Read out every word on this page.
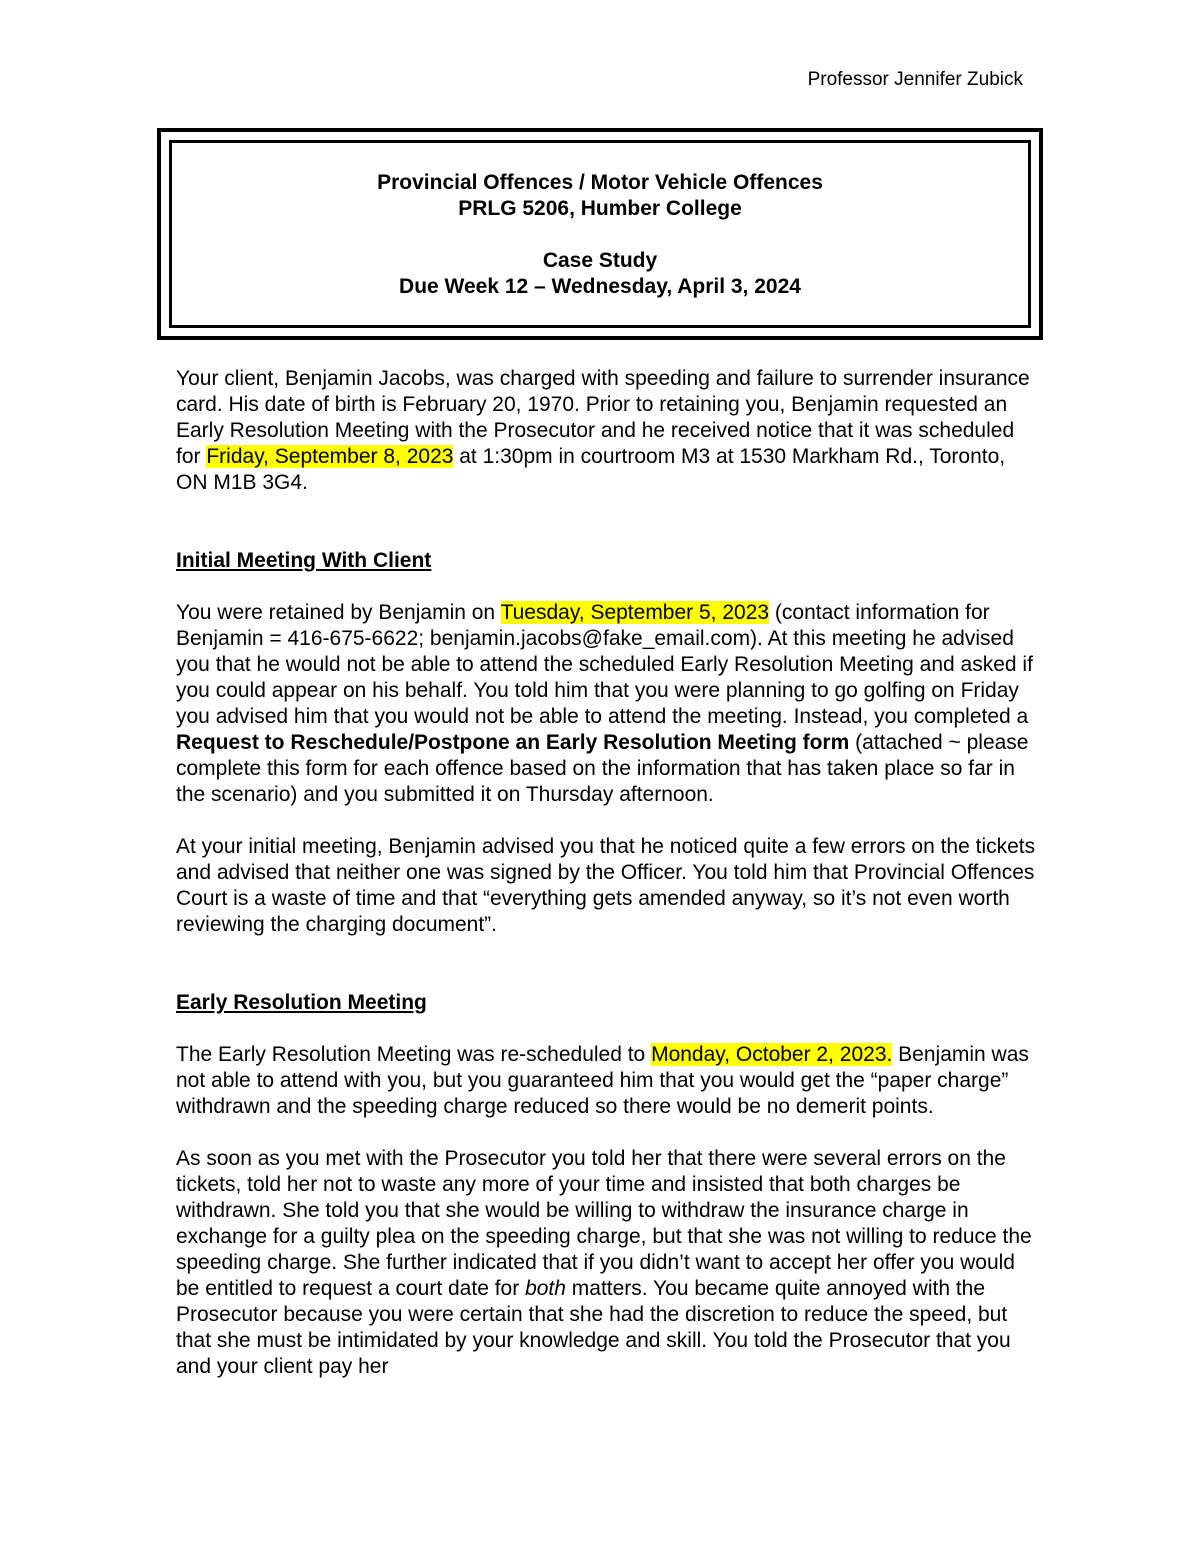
Professor Jennifer Zubick
Provincial Offences / Motor Vehicle Offences
PRLG 5206, Humber College
Case Study
Due Week 12 – Wednesday, April 3, 2024

Your client, Benjamin Jacobs, was charged with speeding and failure to surrender insurance card. His date of birth is February 20, 1970. Prior to retaining you, Benjamin requested an Early Resolution Meeting with the Prosecutor and he received notice that it was scheduled for Friday, September 8, 2023 at 1:30pm in courtroom M3 at 1530 Markham Rd., Toronto, ON M1B 3G4.

Initial Meeting With Client

You were retained by Benjamin on Tuesday, September 5, 2023 (contact information for Benjamin = 416-675-6622; benjamin.jacobs@fake_email.com). At this meeting he advised you that he would not be able to attend the scheduled Early Resolution Meeting and asked if you could appear on his behalf. You told him that you were planning to go golfing on Friday you advised him that you would not be able to attend the meeting. Instead, you completed a Request to Reschedule/Postpone an Early Resolution Meeting form (attached ~ please complete this form for each offence based on the information that has taken place so far in the scenario) and you submitted it on Thursday afternoon.

At your initial meeting, Benjamin advised you that he noticed quite a few errors on the tickets and advised that neither one was signed by the Officer. You told him that Provincial Offences Court is a waste of time and that “everything gets amended anyway, so it’s not even worth reviewing the charging document”.

Early Resolution Meeting

The Early Resolution Meeting was re-scheduled to Monday, October 2, 2023. Benjamin was not able to attend with you, but you guaranteed him that you would get the “paper charge” withdrawn and the speeding charge reduced so there would be no demerit points.

As soon as you met with the Prosecutor you told her that there were several errors on the tickets, told her not to waste any more of your time and insisted that both charges be withdrawn. She told you that she would be willing to withdraw the insurance charge in exchange for a guilty plea on the speeding charge, but that she was not willing to reduce the speeding charge. She further indicated that if you didn’t want to accept her offer you would be entitled to request a court date for both matters. You became quite annoyed with the Prosecutor because you were certain that she had the discretion to reduce the speed, but that she must be intimidated by your knowledge and skill. You told the Prosecutor that you and your client pay her
